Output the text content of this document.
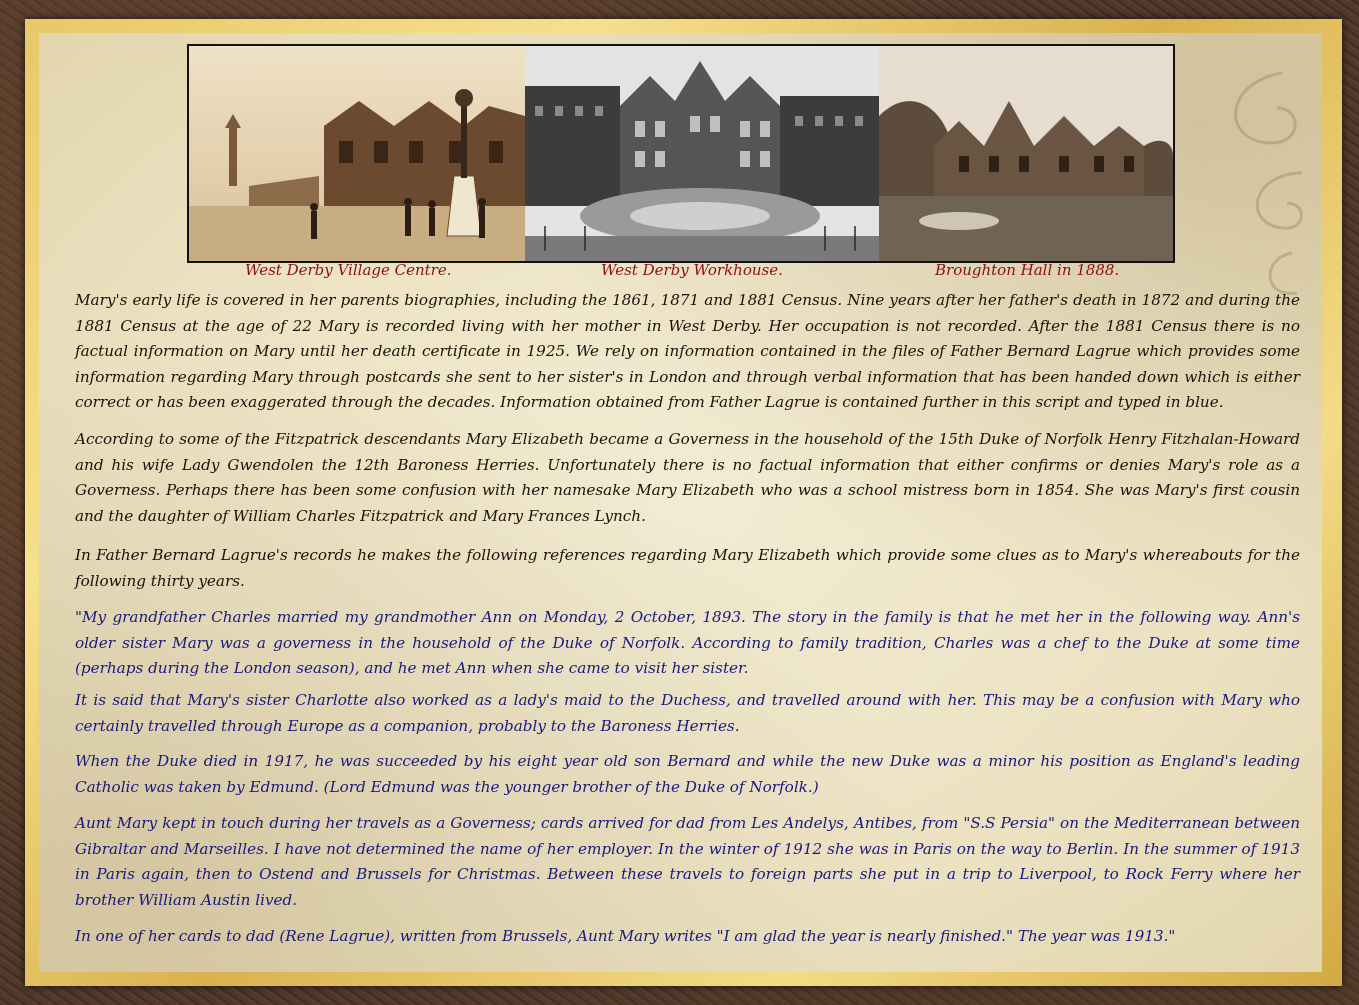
West Derby Village Centre.	West Derby Workhouse.	Broughton Hall in 1888.

Mary's early life is covered in her parents biographies, including the 1861, 1871 and 1881 Census. Nine years after her father's death in 1872 and during the 1881 Census at the age of 22 Mary is recorded living with her mother in West Derby. Her occupation is not recorded. After the 1881 Census there is no factual information on Mary until her death certificate in 1925. We rely on information contained in the files of Father Bernard Lagrue which provides some information regarding Mary through postcards she sent to her sister's in London and through verbal information that has been handed down which is either correct or has been exaggerated through the decades. Information obtained from Father Lagrue is contained further in this script and typed in blue.

According to some of the Fitzpatrick descendants Mary Elizabeth became a Governess in the household of the 15th Duke of Norfolk Henry Fitzhalan-Howard and his wife Lady Gwendolen the 12th Baroness Herries. Unfortunately there is no factual information that either confirms or denies Mary's role as a Governess. Perhaps there has been some confusion with her namesake Mary Elizabeth who was a school mistress born in 1854. She was Mary's first cousin and the daughter of William Charles Fitzpatrick and Mary Frances Lynch.

In Father Bernard Lagrue's records he makes the following references regarding Mary Elizabeth which provide some clues as to Mary's whereabouts for the following thirty years.

"My grandfather Charles married my grandmother Ann on Monday, 2 October, 1893. The story in the family is that he met her in the following way. Ann's older sister Mary was a governess in the household of the Duke of Norfolk. According to family tradition, Charles was a chef to the Duke at some time (perhaps during the London season), and he met Ann when she came to visit her sister.

It is said that Mary's sister Charlotte also worked as a lady's maid to the Duchess, and travelled around with her. This may be a confusion with Mary who certainly travelled through Europe as a companion, probably to the Baroness Herries.

When the Duke died in 1917, he was succeeded by his eight year old son Bernard and while the new Duke was a minor his position as England's leading Catholic was taken by Edmund. (Lord Edmund was the younger brother of the Duke of Norfolk.)

Aunt Mary kept in touch during her travels as a Governess; cards arrived for dad from Les Andelys, Antibes, from "S.S Persia" on the Mediterranean between Gibraltar and Marseilles. I have not determined the name of her employer. In the winter of 1912 she was in Paris on the way to Berlin. In the summer of 1913 in Paris again, then to Ostend and Brussels for Christmas. Between these travels to foreign parts she put in a trip to Liverpool, to Rock Ferry where her brother William Austin lived.

In one of her cards to dad (Rene Lagrue), written from Brussels, Aunt Mary writes "I am glad the year is nearly finished." The year was 1913."
